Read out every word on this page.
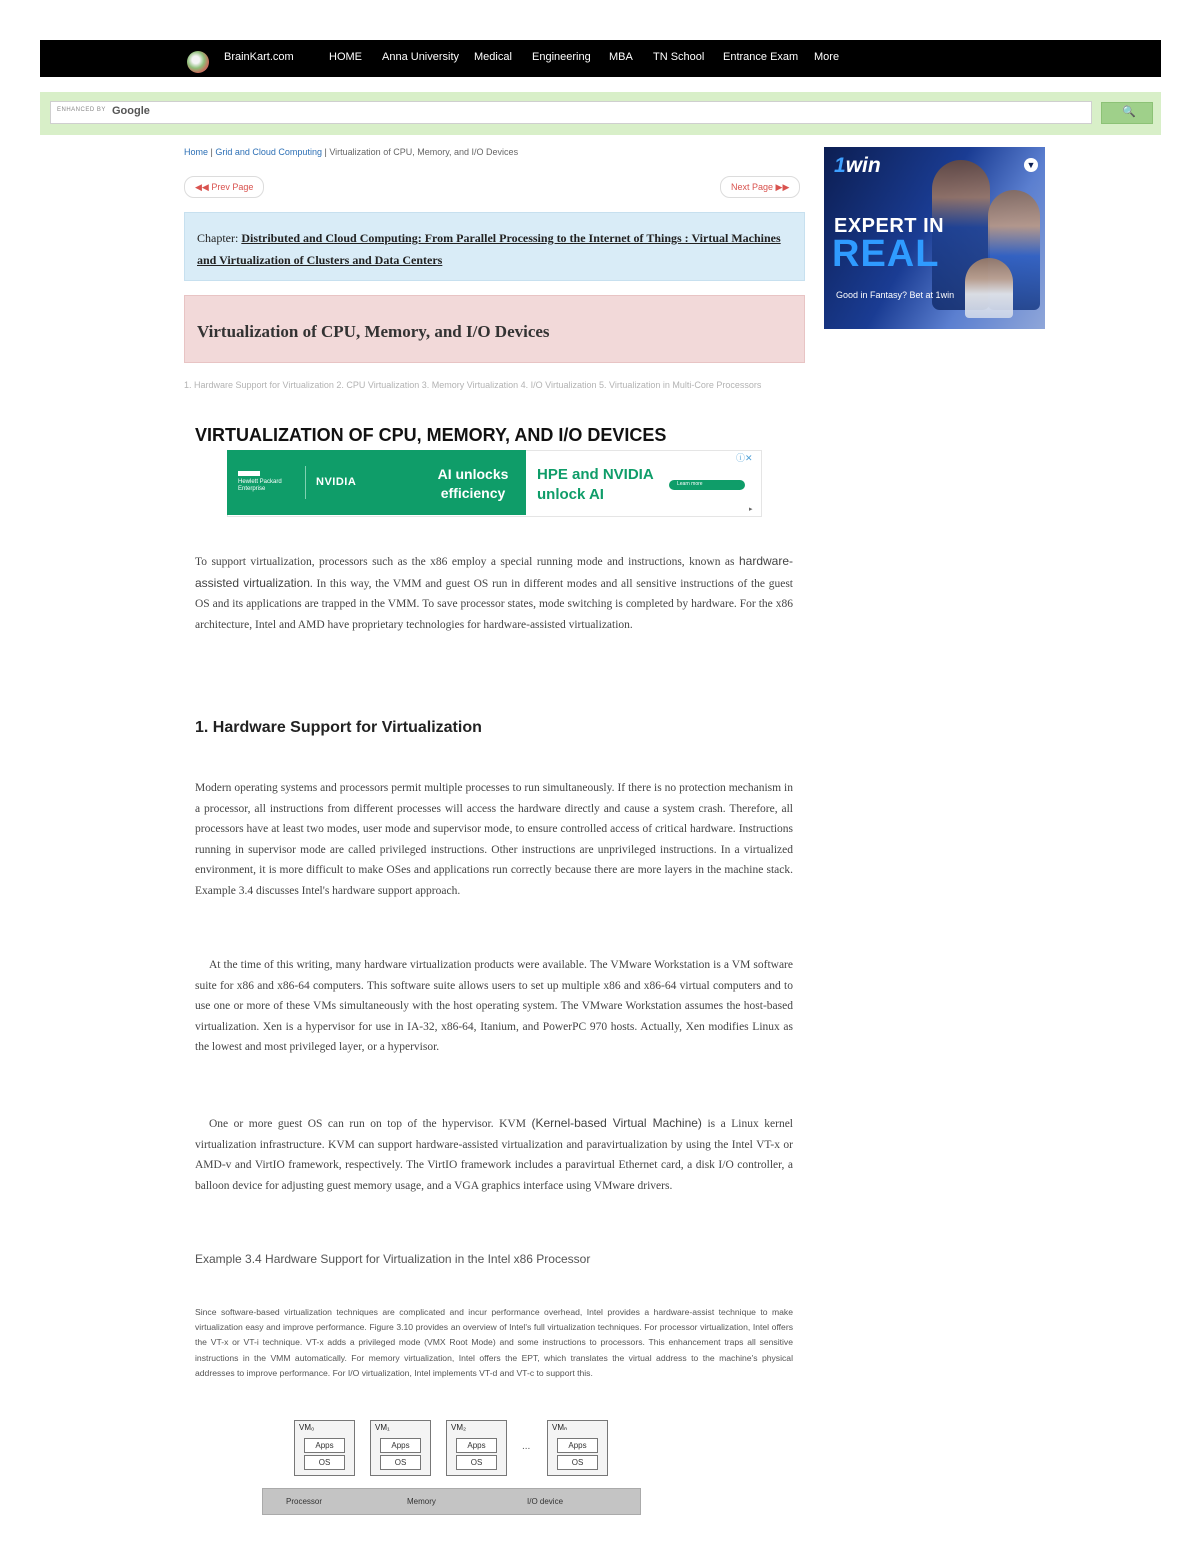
BrainKart.com	HOME Anna University Medical Engineering MBA TN School Entrance Exam More
ENHANCED BY Google	🔍
Home | Grid and Cloud Computing | Virtualization of CPU, Memory, and I/O Devices
◀◀ Prev Page	Next Page ▶▶
Chapter: Distributed and Cloud Computing: From Parallel Processing to the Internet of Things : Virtual Machines and Virtualization of Clusters and Data Centers
Virtualization of CPU, Memory, and I/O Devices
1. Hardware Support for Virtualization 2. CPU Virtualization 3. Memory Virtualization 4. I/O Virtualization 5. Virtualization in Multi-Core Processors
VIRTUALIZATION OF CPU, MEMORY, AND I/O DEVICES
Hewlett Packard Enterprise
NVIDIA	AI unlocks efficiency
HPE and NVIDIA unlock AI
Learn more
ⓘ✕
▸
To support virtualization, processors such as the x86 employ a special running mode and instructions, known as hardware-assisted virtualization. In this way, the VMM and guest OS run in different modes and all sensitive instructions of the guest OS and its applications are trapped in the VMM. To save processor states, mode switching is completed by hardware. For the x86 architecture, Intel and AMD have proprietary technologies for hardware-assisted virtualization.
1. Hardware Support for Virtualization
Modern operating systems and processors permit multiple processes to run simultaneously. If there is no protection mechanism in a processor, all instructions from different processes will access the hardware directly and cause a system crash. Therefore, all processors have at least two modes, user mode and supervisor mode, to ensure controlled access of critical hardware. Instructions running in supervisor mode are called privileged instructions. Other instructions are unprivileged instructions. In a virtualized environment, it is more difficult to make OSes and applications run correctly because there are more layers in the machine stack. Example 3.4 discusses Intel's hardware support approach.
At the time of this writing, many hardware virtualization products were available. The VMware Workstation is a VM software suite for x86 and x86-64 computers. This software suite allows users to set up multiple x86 and x86-64 virtual computers and to use one or more of these VMs simultaneously with the host operating system. The VMware Workstation assumes the host-based virtualization. Xen is a hypervisor for use in IA-32, x86-64, Itanium, and PowerPC 970 hosts. Actually, Xen modifies Linux as the lowest and most privileged layer, or a hypervisor.
One or more guest OS can run on top of the hypervisor. KVM (Kernel-based Virtual Machine) is a Linux kernel virtualization infrastructure. KVM can support hardware-assisted virtualization and paravirtualization by using the Intel VT-x or AMD-v and VirtIO framework, respectively. The VirtIO framework includes a paravirtual Ethernet card, a disk I/O controller, a balloon device for adjusting guest memory usage, and a VGA graphics interface using VMware drivers.
Example 3.4 Hardware Support for Virtualization in the Intel x86 Processor
Since software-based virtualization techniques are complicated and incur performance overhead, Intel provides a hardware-assist technique to make virtualization easy and improve performance. Figure 3.10 provides an overview of Intel's full virtualization techniques. For processor virtualization, Intel offers the VT-x or VT-i technique. VT-x adds a privileged mode (VMX Root Mode) and some instructions to processors. This enhancement traps all sensitive instructions in the VMM automatically. For memory virtualization, Intel offers the EPT, which translates the virtual address to the machine's physical addresses to improve performance. For I/O virtualization, Intel implements VT-d and VT-c to support this.
VM₀
Apps
OS
VM₁
Apps
OS
VM₂
Apps
OS
...
VMₙ
Apps
OS
Processor	Memory	I/O device
1win	▼
EXPERT IN
REAL
Good in Fantasy? Bet at 1win
